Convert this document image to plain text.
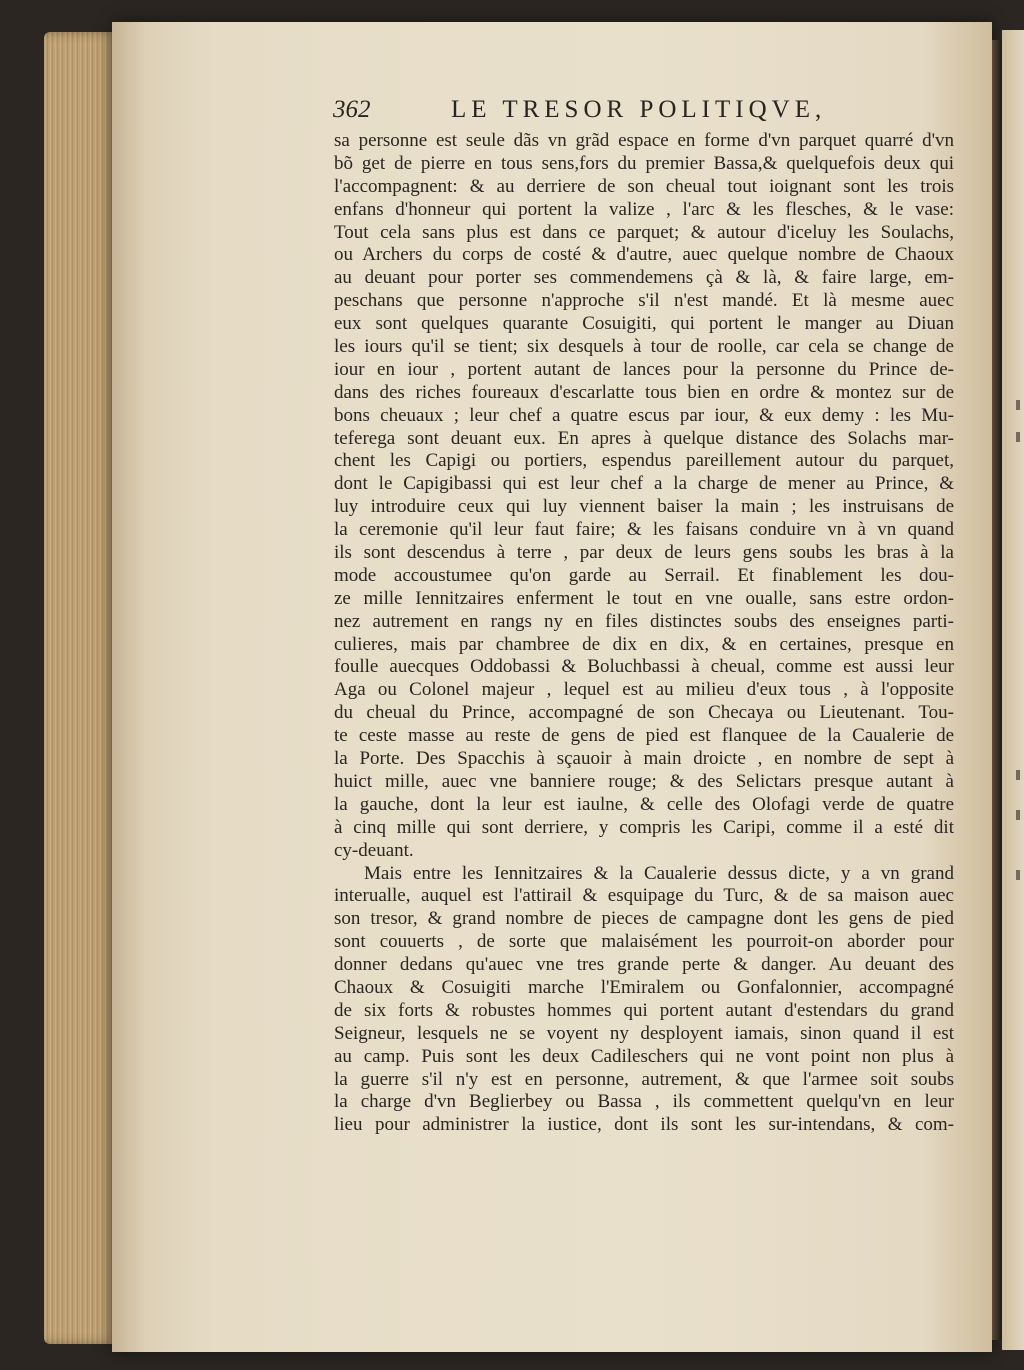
362	LE TRESOR POLITIQVE,
sa personne est seule dãs vn grãd espace en forme d'vn parquet quarré d'vn
bõ get de pierre en tous sens,fors du premier Bassa,& quelquefois deux qui
l'accompagnent: & au derriere de son cheual tout ioignant sont les trois
enfans d'honneur qui portent la valize , l'arc & les flesches, & le vase:
Tout cela sans plus est dans ce parquet; & autour d'iceluy les Soulachs,
ou Archers du corps de costé & d'autre, auec quelque nombre de Chaoux
au deuant pour porter ses commendemens çà & là, & faire large, em-
peschans que personne n'approche s'il n'est mandé. Et là mesme auec
eux sont quelques quarante Cosuigiti, qui portent le manger au Diuan
les iours qu'il se tient; six desquels à tour de roolle, car cela se change de
iour en iour , portent autant de lances pour la personne du Prince de-
dans des riches foureaux d'escarlatte tous bien en ordre & montez sur de
bons cheuaux ; leur chef a quatre escus par iour, & eux demy : les Mu-
teferega sont deuant eux. En apres à quelque distance des Solachs mar-
chent les Capigi ou portiers, espendus pareillement autour du parquet,
dont le Capigibassi qui est leur chef a la charge de mener au Prince, &
luy introduire ceux qui luy viennent baiser la main ; les instruisans de
la ceremonie qu'il leur faut faire; & les faisans conduire vn à vn quand
ils sont descendus à terre , par deux de leurs gens soubs les bras à la
mode accoustumee qu'on garde au Serrail. Et finablement les dou-
ze mille Iennitzaires enferment le tout en vne oualle, sans estre ordon-
nez autrement en rangs ny en files distinctes soubs des enseignes parti-
culieres, mais par chambree de dix en dix, & en certaines, presque en
foulle auecques Oddobassi & Boluchbassi à cheual, comme est aussi leur
Aga ou Colonel majeur , lequel est au milieu d'eux tous , à l'opposite
du cheual du Prince, accompagné de son Checaya ou Lieutenant. Tou-
te ceste masse au reste de gens de pied est flanquee de la Caualerie de
la Porte. Des Spacchis à sçauoir à main droicte , en nombre de sept à
huict mille, auec vne banniere rouge; & des Selictars presque autant à
la gauche, dont la leur est iaulne, & celle des Olofagi verde de quatre
à cinq mille qui sont derriere, y compris les Caripi, comme il a esté dit
cy-deuant.
Mais entre les Iennitzaires & la Caualerie dessus dicte, y a vn grand
interualle, auquel est l'attirail & esquipage du Turc, & de sa maison auec
son tresor, & grand nombre de pieces de campagne dont les gens de pied
sont couuerts , de sorte que malaisément les pourroit-on aborder pour
donner dedans qu'auec vne tres grande perte & danger. Au deuant des
Chaoux & Cosuigiti marche l'Emiralem ou Gonfalonnier, accompagné
de six forts & robustes hommes qui portent autant d'estendars du grand
Seigneur, lesquels ne se voyent ny desployent iamais, sinon quand il est
au camp. Puis sont les deux Cadileschers qui ne vont point non plus à
la guerre s'il n'y est en personne, autrement, & que l'armee soit soubs
la charge d'vn Beglierbey ou Bassa , ils commettent quelqu'vn en leur
lieu pour administrer la iustice, dont ils sont les sur-intendans, & com-
